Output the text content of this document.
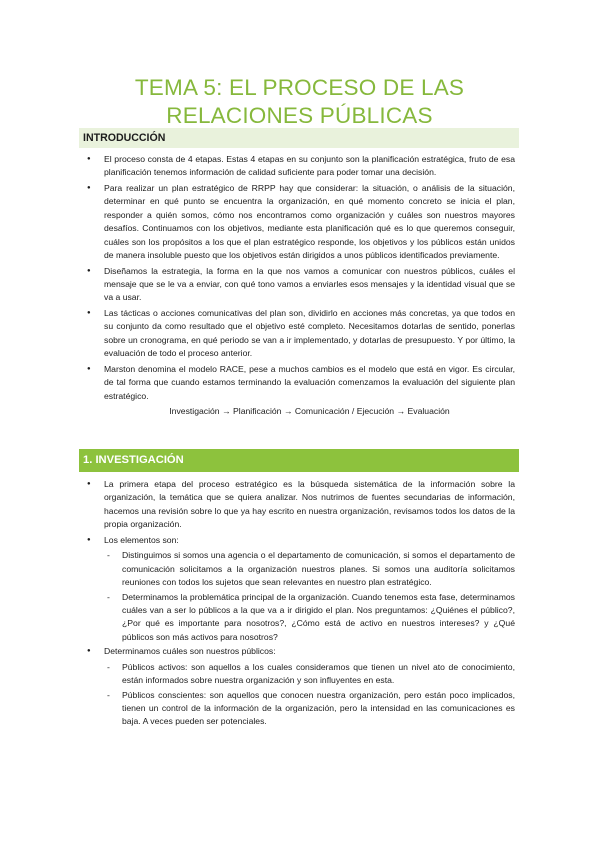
TEMA 5: EL PROCESO DE LAS
RELACIONES PÚBLICAS
INTRODUCCIÓN
● El proceso consta de 4 etapas. Estas 4 etapas en su conjunto son la planificación estratégica, fruto de esa planificación tenemos información de calidad suficiente para poder tomar una decisión.
● Para realizar un plan estratégico de RRPP hay que considerar: la situación, o análisis de la situación, determinar en qué punto se encuentra la organización, en qué momento concreto se inicia el plan, responder a quién somos, cómo nos encontramos como organización y cuáles son nuestros mayores desafíos. Continuamos con los objetivos, mediante esta planificación qué es lo que queremos conseguir, cuáles son los propósitos a los que el plan estratégico responde, los objetivos y los públicos están unidos de manera insoluble puesto que los objetivos están dirigidos a unos públicos identificados previamente.
● Diseñamos la estrategia, la forma en la que nos vamos a comunicar con nuestros públicos, cuáles el mensaje que se le va a enviar, con qué tono vamos a enviarles esos mensajes y la identidad visual que se va a usar.
● Las tácticas o acciones comunicativas del plan son, dividirlo en acciones más concretas, ya que todos en su conjunto da como resultado que el objetivo esté completo. Necesitamos dotarlas de sentido, ponerlas sobre un cronograma, en qué periodo se van a ir implementado, y dotarlas de presupuesto. Y por último, la evaluación de todo el proceso anterior.
● Marston denomina el modelo RACE, pese a muchos cambios es el modelo que está en vigor. Es circular, de tal forma que cuando estamos terminando la evaluación comenzamos la evaluación del siguiente plan estratégico.
Investigación → Planificación → Comunicación / Ejecución → Evaluación
1. INVESTIGACIÓN
● La primera etapa del proceso estratégico es la búsqueda sistemática de la información sobre la organización, la temática que se quiera analizar. Nos nutrimos de fuentes secundarias de información, hacemos una revisión sobre lo que ya hay escrito en nuestra organización, revisamos todos los datos de la propia organización.
● Los elementos son:
- Distinguimos si somos una agencia o el departamento de comunicación, si somos el departamento de comunicación solicitamos a la organización nuestros planes. Si somos una auditoría solicitamos reuniones con todos los sujetos que sean relevantes en nuestro plan estratégico.
- Determinamos la problemática principal de la organización. Cuando tenemos esta fase, determinamos cuáles van a ser lo públicos a la que va a ir dirigido el plan. Nos preguntamos: ¿Quiénes el público?, ¿Por qué es importante para nosotros?, ¿Cómo está de activo en nuestros intereses? y ¿Qué públicos son más activos para nosotros?
● Determinamos cuáles son nuestros públicos:
- Públicos activos: son aquellos a los cuales consideramos que tienen un nivel ato de conocimiento, están informados sobre nuestra organización y son influyentes en esta.
- Públicos conscientes: son aquellos que conocen nuestra organización, pero están poco implicados, tienen un control de la información de la organización, pero la intensidad en las comunicaciones es baja. A veces pueden ser potenciales.
